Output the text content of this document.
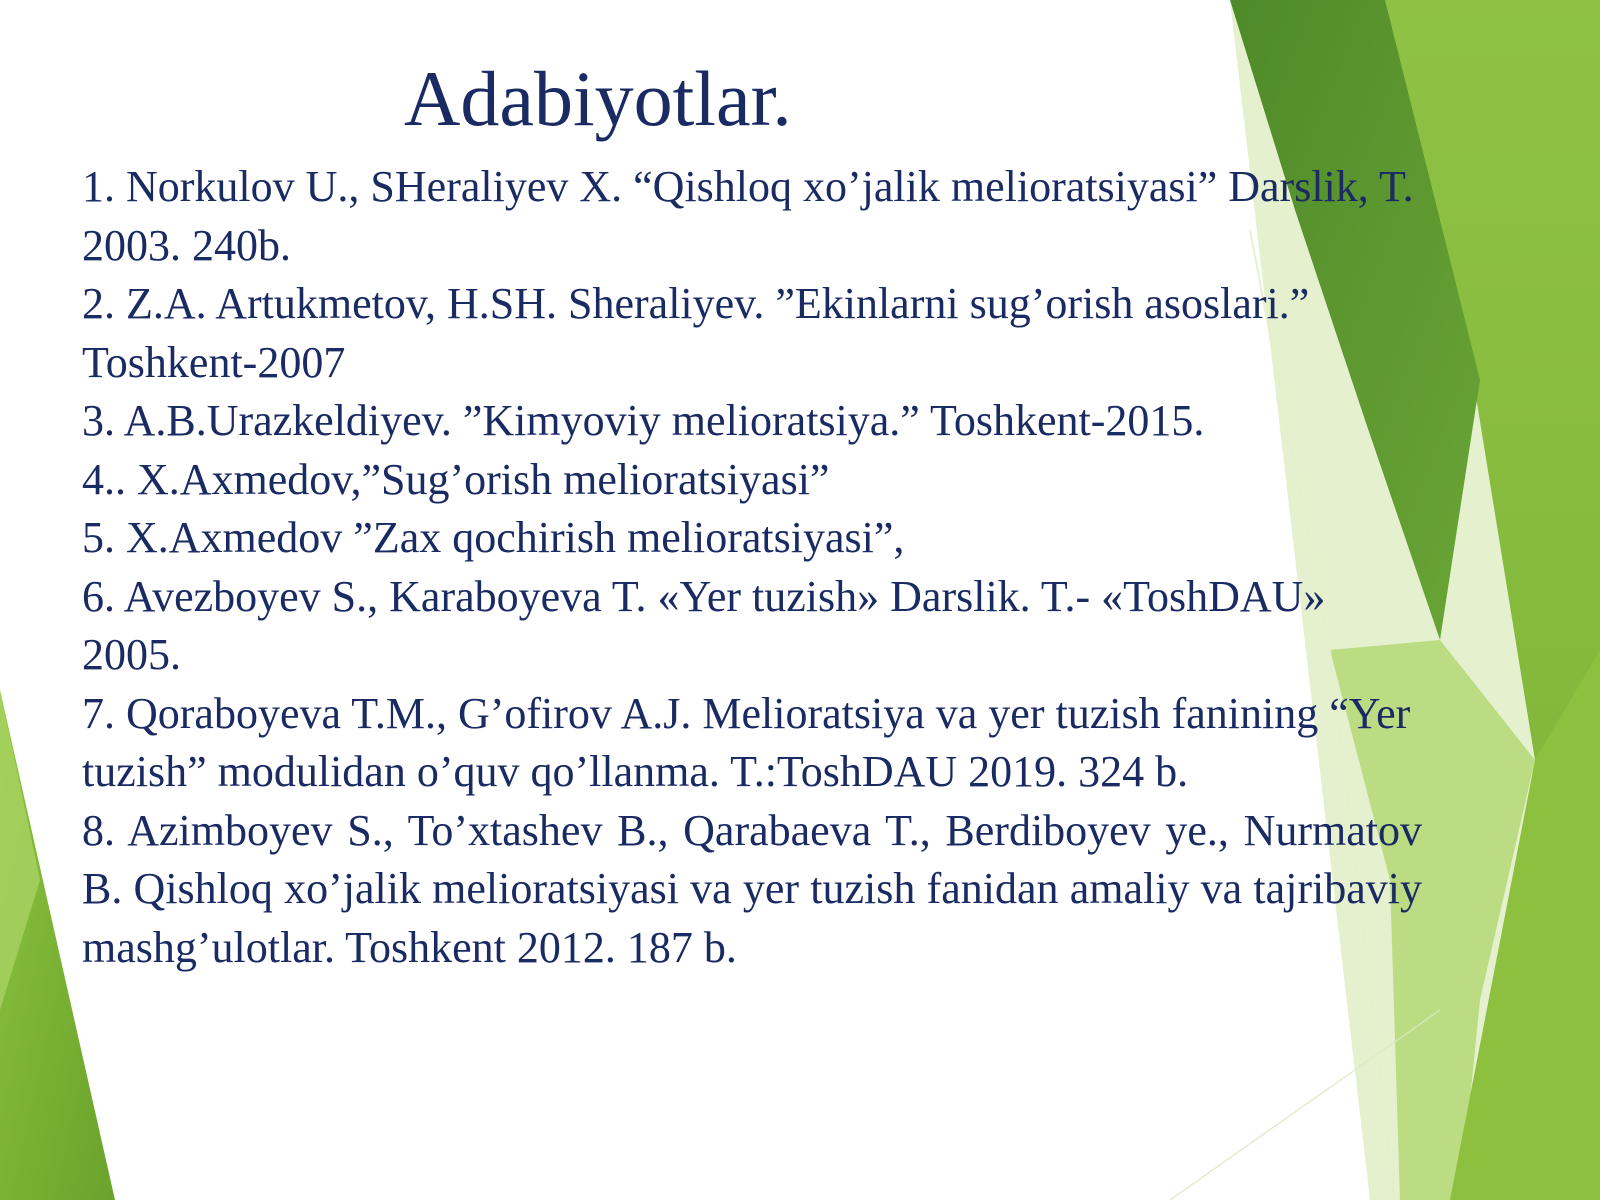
Adabiyotlar.
1. Norkulov U., SHeraliyev X. “Qishloq xo’jalik melioratsiyasi” Darslik, T. 2003. 240b.
2. Z.A. Artukmetov, H.SH. Sheraliyev. ”Ekinlarni sug’orish asoslari.” Toshkent-2007
3. A.B.Urazkeldiyev. ”Kimyoviy melioratsiya.” Toshkent-2015.
4.. X.Axmedov,”Sug’orish melioratsiyasi”
5. X.Axmedov ”Zax qochirish melioratsiyasi”,
6. Avezboyev S., Karaboyeva T. «Yer tuzish» Darslik. T.- «ToshDAU» 2005.
7. Qoraboyeva T.M., G’ofirov A.J. Melioratsiya va yer tuzish fanining “Yer tuzish” modulidan o’quv qo’llanma. T.:ToshDAU 2019. 324 b.
8. Azimboyev S., To’xtashev B., Qarabaeva T., Berdiboyev ye., Nurmatov B. Qishloq xo’jalik melioratsiyasi va yer tuzish fanidan amaliy va tajribaviy mashg’ulotlar. Toshkent 2012. 187 b.
